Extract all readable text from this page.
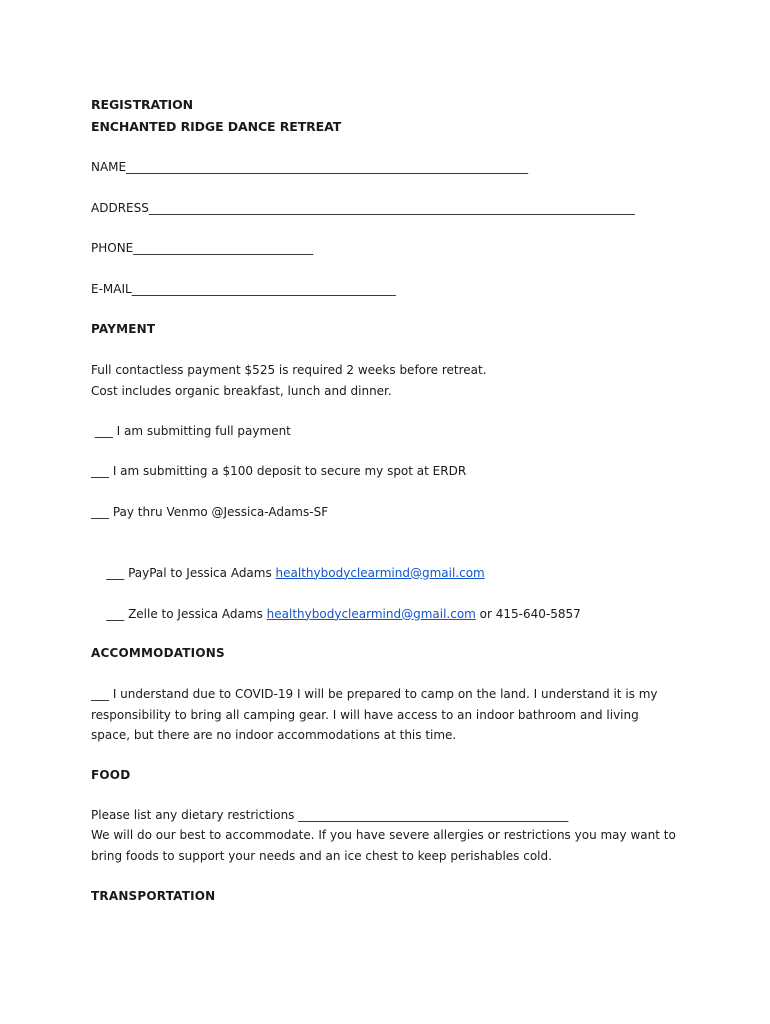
REGISTRATION
ENCHANTED RIDGE DANCE RETREAT
NAME___________________________________________________________________
ADDRESS_________________________________________________________________________________
PHONE______________________________
E-MAIL____________________________________________
PAYMENT
Full contactless payment $525 is required 2 weeks before retreat.
Cost includes organic breakfast, lunch and dinner.
___ I am submitting full payment
___ I am submitting a $100 deposit to secure my spot at ERDR
___ Pay thru Venmo @Jessica-Adams-SF

___ PayPal to Jessica Adams healthybodyclearmind@gmail.com

___ Zelle to Jessica Adams healthybodyclearmind@gmail.com or 415-640-5857

ACCOMMODATIONS
___ I understand due to COVID-19 I will be prepared to camp on the land. I understand it is my responsibility to bring all camping gear. I will have access to an indoor bathroom and living space, but there are no indoor accommodations at this time.
FOOD
Please list any dietary restrictions _____________________________________________
We will do our best to accommodate. If you have severe allergies or restrictions you may want to bring foods to support your needs and an ice chest to keep perishables cold.
TRANSPORTATION
